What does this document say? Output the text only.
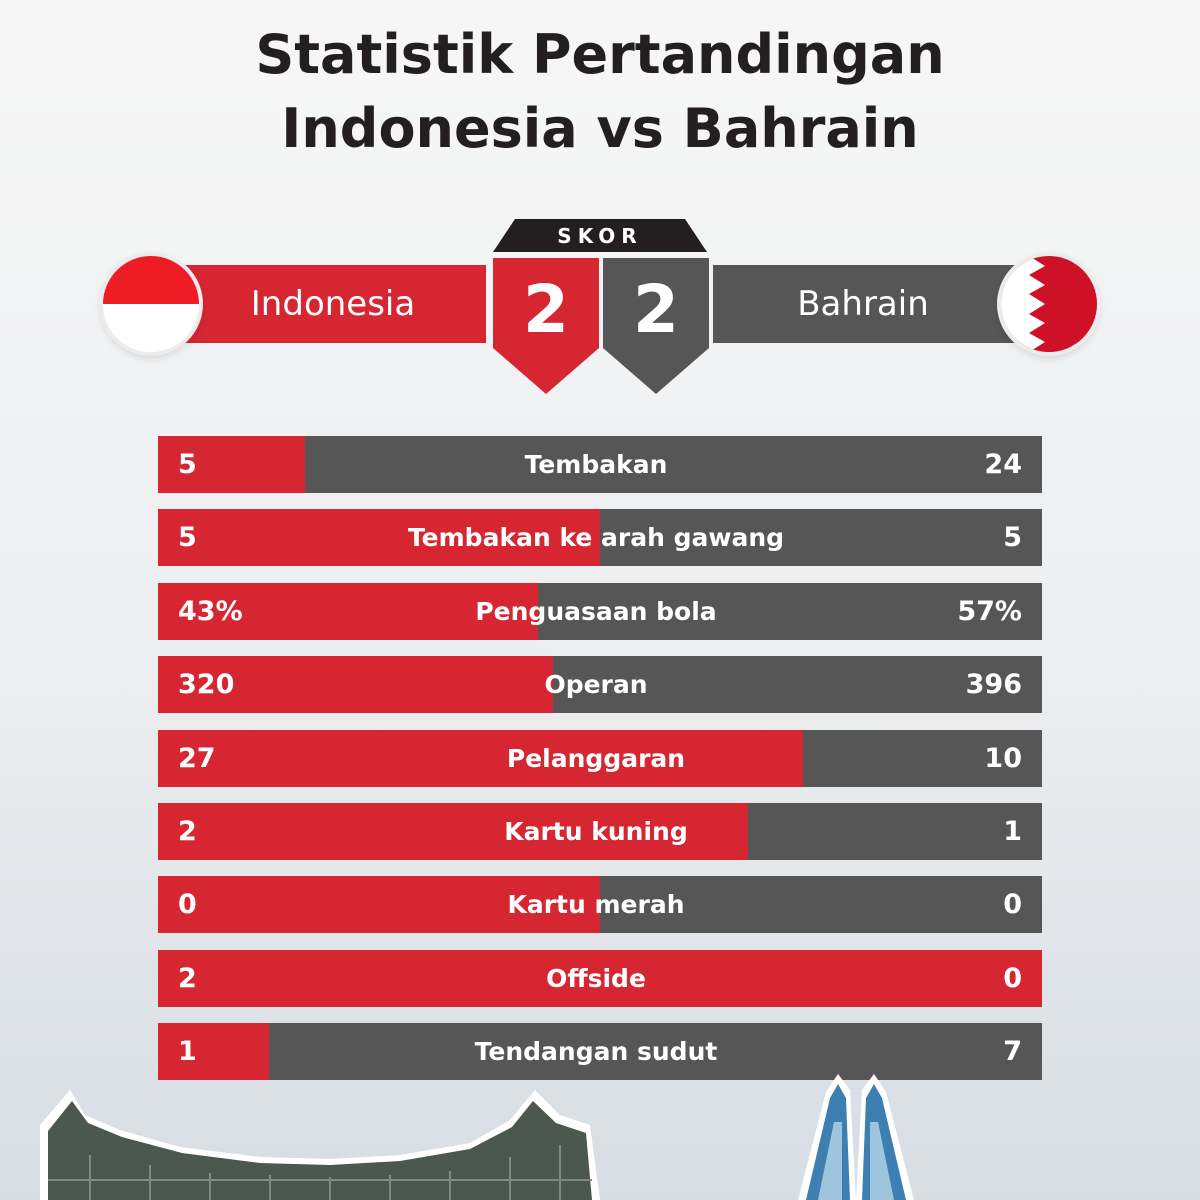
Statistik Pertandingan
Indonesia vs Bahrain
Indonesia	Bahrain
SKOR
2 2
5	Tembakan	24
5	Tembakan ke arah gawang	5
43%	Penguasaan bola	57%
320	Operan	396
27	Pelanggaran	10
2	Kartu kuning	1
0	Kartu merah	0
2	Offside	0
1	Tendangan sudut	7
